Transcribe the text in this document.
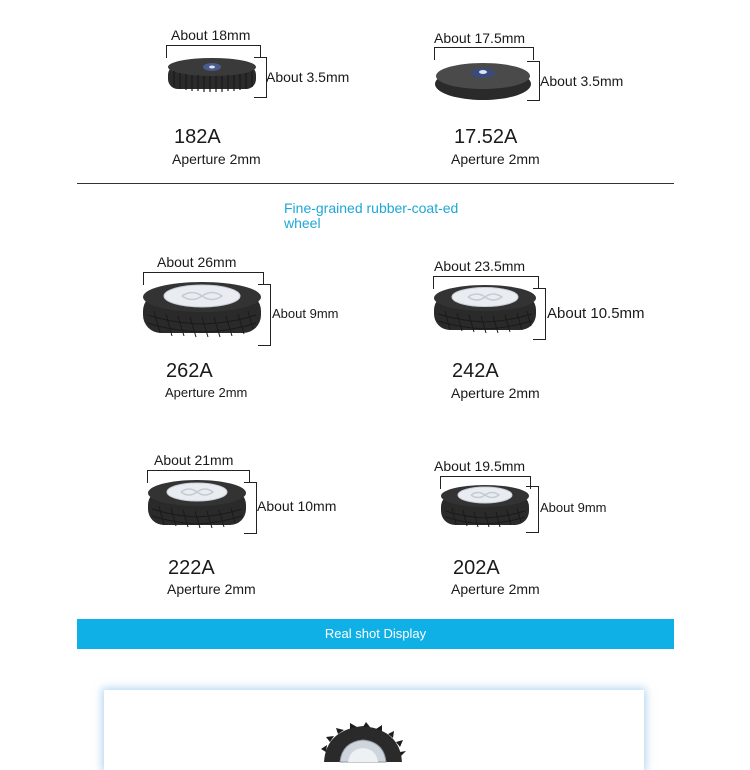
About 18mm
About 3.5mm
182A
Aperture 2mm
About 17.5mm
About 3.5mm
17.52A
Aperture 2mm
Fine-grained rubber-coat-ed wheel
About 26mm
About 9mm
262A
Aperture 2mm
About 23.5mm
About 10.5mm
242A
Aperture 2mm
About 21mm
About 10mm
222A
Aperture 2mm
About 19.5mm
About 9mm
202A
Aperture 2mm
Real shot Display
